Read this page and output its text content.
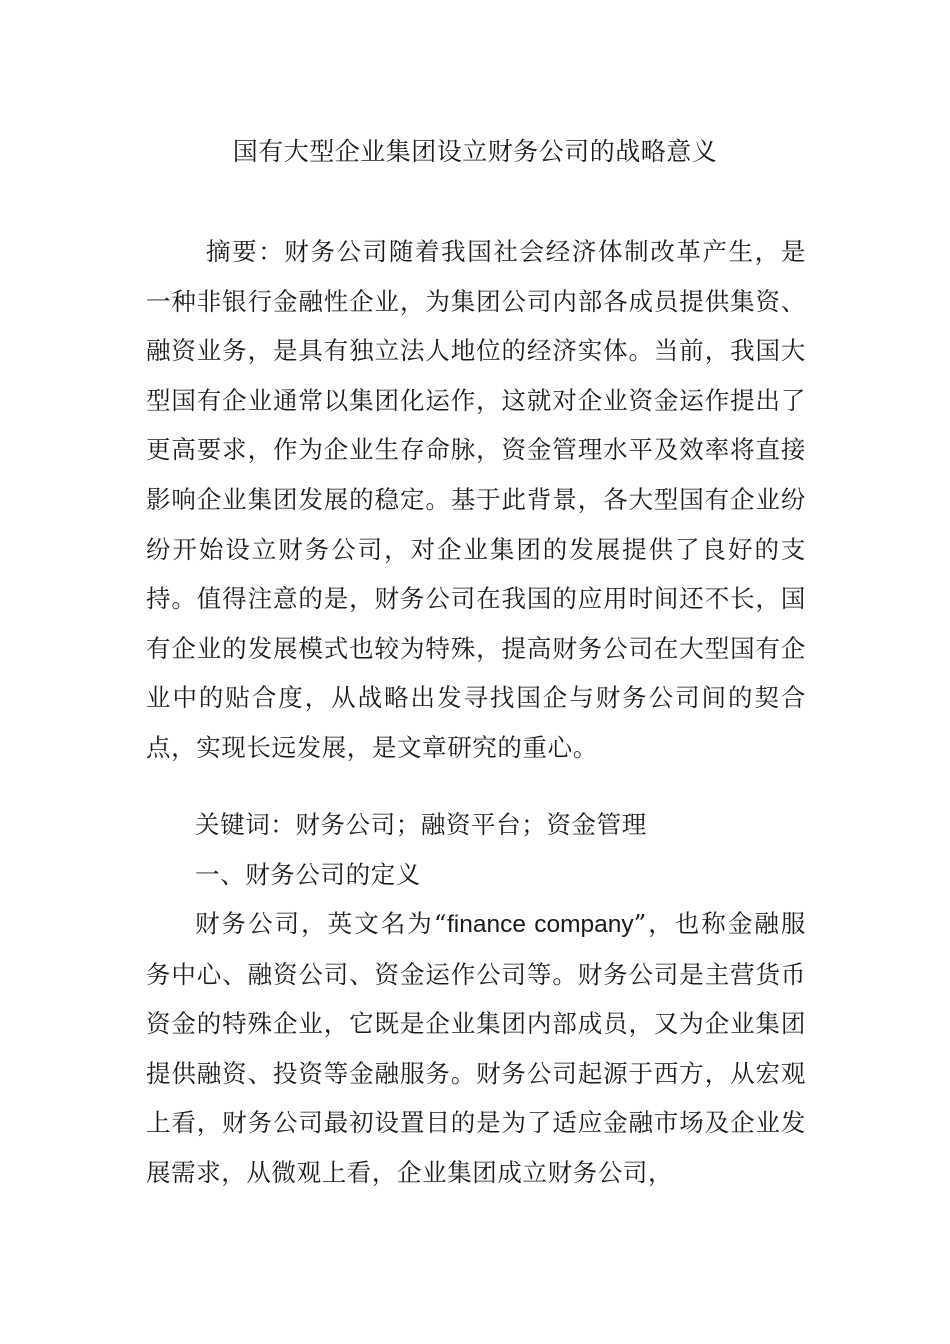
国有大型企业集团设立财务公司的战略意义

摘要：财务公司随着我国社会经济体制改革产生，是一种非银行金融性企业，为集团公司内部各成员提供集资、融资业务，是具有独立法人地位的经济实体。当前，我国大型国有企业通常以集团化运作，这就对企业资金运作提出了更高要求，作为企业生存命脉，资金管理水平及效率将直接影响企业集团发展的稳定。基于此背景，各大型国有企业纷纷开始设立财务公司，对企业集团的发展提供了良好的支持。值得注意的是，财务公司在我国的应用时间还不长，国有企业的发展模式也较为特殊，提高财务公司在大型国有企业中的贴合度，从战略出发寻找国企与财务公司间的契合点，实现长远发展，是文章研究的重心。

关键词：财务公司；融资平台；资金管理

一、财务公司的定义

财务公司，英文名为“finance company”，也称金融服务中心、融资公司、资金运作公司等。财务公司是主营货币资金的特殊企业，它既是企业集团内部成员，又为企业集团提供融资、投资等金融服务。财务公司起源于西方，从宏观上看，财务公司最初设置目的是为了适应金融市场及企业发展需求，从微观上看，企业集团成立财务公司，
